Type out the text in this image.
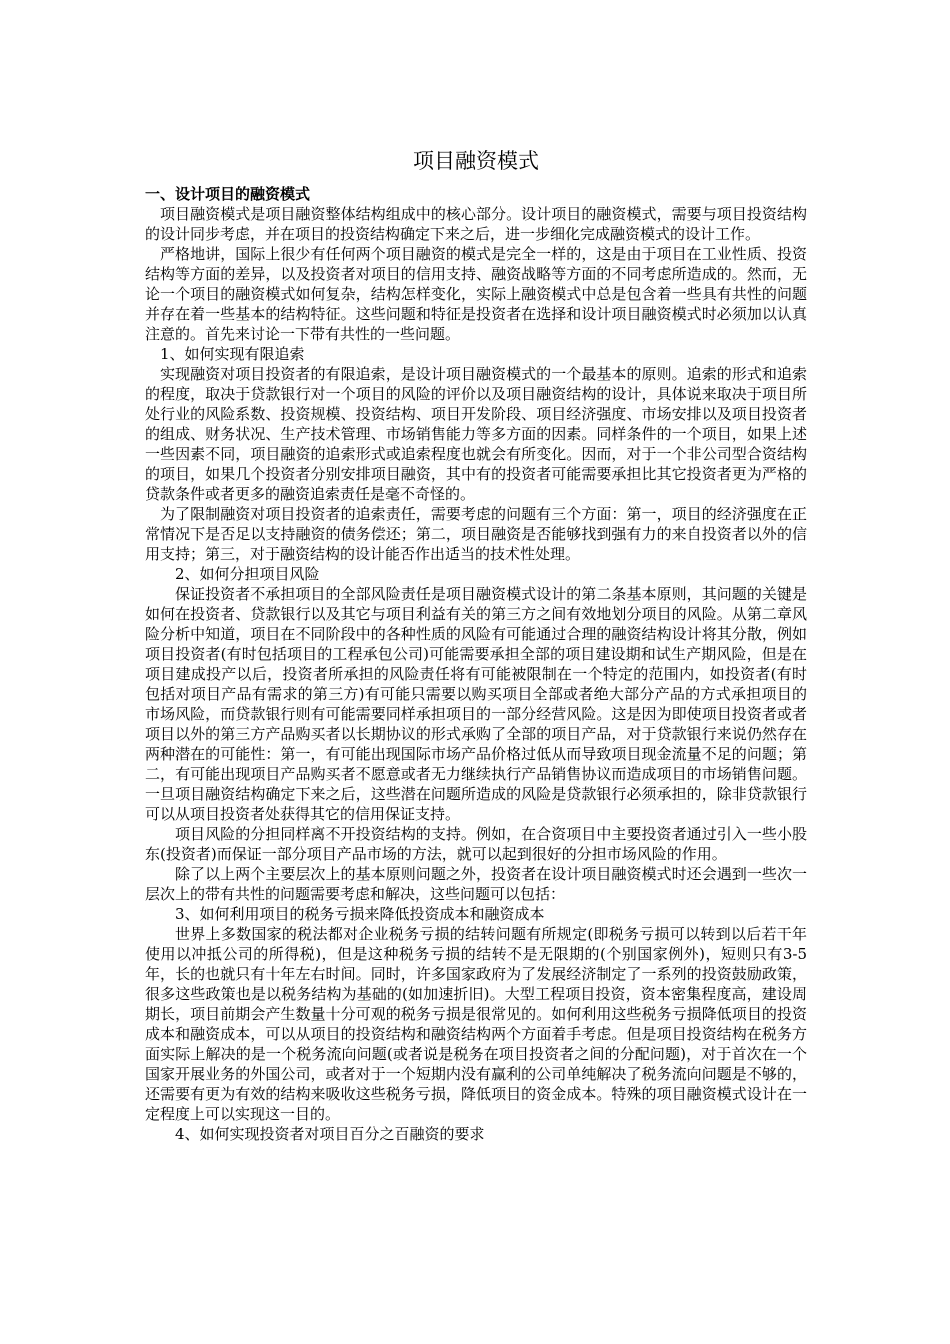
项目融资模式
一、设计项目的融资模式

项目融资模式是项目融资整体结构组成中的核心部分。设计项目的融资模式，需要与项目投资结构的设计同步考虑，并在项目的投资结构确定下来之后，进一步细化完成融资模式的设计工作。

严格地讲，国际上很少有任何两个项目融资的模式是完全一样的，这是由于项目在工业性质、投资结构等方面的差异，以及投资者对项目的信用支持、融资战略等方面的不同考虑所造成的。然而，无论一个项目的融资模式如何复杂，结构怎样变化，实际上融资模式中总是包含着一些具有共性的问题并存在着一些基本的结构特征。这些问题和特征是投资者在选择和设计项目融资模式时必须加以认真注意的。首先来讨论一下带有共性的一些问题。

1、如何实现有限追索

实现融资对项目投资者的有限追索，是设计项目融资模式的一个最基本的原则。追索的形式和追索的程度，取决于贷款银行对一个项目的风险的评价以及项目融资结构的设计，具体说来取决于项目所处行业的风险系数、投资规模、投资结构、项目开发阶段、项目经济强度、市场安排以及项目投资者的组成、财务状况、生产技术管理、市场销售能力等多方面的因素。同样条件的一个项目，如果上述一些因素不同，项目融资的追索形式或追索程度也就会有所变化。因而，对于一个非公司型合资结构的项目，如果几个投资者分别安排项目融资，其中有的投资者可能需要承担比其它投资者更为严格的贷款条件或者更多的融资追索责任是毫不奇怪的。

为了限制融资对项目投资者的追索责任，需要考虑的问题有三个方面：第一，项目的经济强度在正常情况下是否足以支持融资的债务偿还；第二，项目融资是否能够找到强有力的来自投资者以外的信用支持；第三，对于融资结构的设计能否作出适当的技术性处理。

2、如何分担项目风险

保证投资者不承担项目的全部风险责任是项目融资模式设计的第二条基本原则，其问题的关键是如何在投资者、贷款银行以及其它与项目利益有关的第三方之间有效地划分项目的风险。从第二章风险分析中知道，项目在不同阶段中的各种性质的风险有可能通过合理的融资结构设计将其分散，例如项目投资者(有时包括项目的工程承包公司)可能需要承担全部的项目建设期和试生产期风险，但是在项目建成投产以后，投资者所承担的风险责任将有可能被限制在一个特定的范围内，如投资者(有时包括对项目产品有需求的第三方)有可能只需要以购买项目全部或者绝大部分产品的方式承担项目的市场风险，而贷款银行则有可能需要同样承担项目的一部分经营风险。这是因为即使项目投资者或者项目以外的第三方产品购买者以长期协议的形式承购了全部的项目产品，对于贷款银行来说仍然存在两种潜在的可能性：第一，有可能出现国际市场产品价格过低从而导致项目现金流量不足的问题；第二，有可能出现项目产品购买者不愿意或者无力继续执行产品销售协议而造成项目的市场销售问题。一旦项目融资结构确定下来之后，这些潜在问题所造成的风险是贷款银行必须承担的，除非贷款银行可以从项目投资者处获得其它的信用保证支持。

项目风险的分担同样离不开投资结构的支持。例如，在合资项目中主要投资者通过引入一些小股东(投资者)而保证一部分项目产品市场的方法，就可以起到很好的分担市场风险的作用。

除了以上两个主要层次上的基本原则问题之外，投资者在设计项目融资模式时还会遇到一些次一层次上的带有共性的问题需要考虑和解决，这些问题可以包括：

3、如何利用项目的税务亏损来降低投资成本和融资成本

世界上多数国家的税法都对企业税务亏损的结转问题有所规定(即税务亏损可以转到以后若干年使用以冲抵公司的所得税)，但是这种税务亏损的结转不是无限期的(个别国家例外)，短则只有3-5年，长的也就只有十年左右时间。同时，许多国家政府为了发展经济制定了一系列的投资鼓励政策，很多这些政策也是以税务结构为基础的(如加速折旧)。大型工程项目投资，资本密集程度高，建设周期长，项目前期会产生数量十分可观的税务亏损是很常见的。如何利用这些税务亏损降低项目的投资成本和融资成本，可以从项目的投资结构和融资结构两个方面着手考虑。但是项目投资结构在税务方面实际上解决的是一个税务流向问题(或者说是税务在项目投资者之间的分配问题)，对于首次在一个国家开展业务的外国公司，或者对于一个短期内没有赢利的公司单纯解决了税务流向问题是不够的，还需要有更为有效的结构来吸收这些税务亏损，降低项目的资金成本。特殊的项目融资模式设计在一定程度上可以实现这一目的。

4、如何实现投资者对项目百分之百融资的要求
